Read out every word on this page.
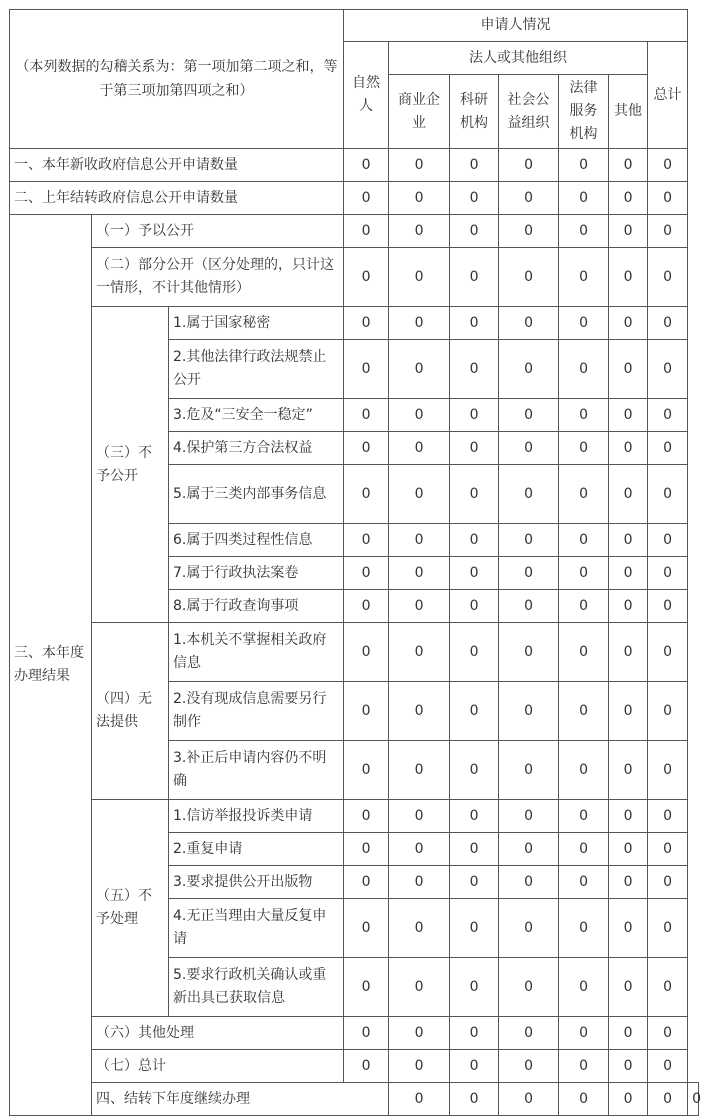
（本列数据的勾稽关系为：第一项加第二项之和，等于第三项加第四项之和）			申请人情况							
			自然人	法人或其他组织					总计	
				商业企业	科研机构	社会公益组织	法律服务机构	其他		
一、本年新收政府信息公开申请数量			0	0	0	0	0	0	0	
二、上年结转政府信息公开申请数量			0	0	0	0	0	0	0	
三、本年度办理结果	（一）予以公开		0	0	0	0	0	0	0	
	（二）部分公开（区分处理的，只计这一情形，不计其他情形）		0	0	0	0	0	0	0	
	（三）不予公开	1.属于国家秘密	0	0	0	0	0	0	0	
		2.其他法律行政法规禁止公开	0	0	0	0	0	0	0	
		3.危及“三安全一稳定”	0	0	0	0	0	0	0	
		4.保护第三方合法权益	0	0	0	0	0	0	0	
		5.属于三类内部事务信息	0	0	0	0	0	0	0	
		6.属于四类过程性信息	0	0	0	0	0	0	0	
		7.属于行政执法案卷	0	0	0	0	0	0	0	
		8.属于行政查询事项	0	0	0	0	0	0	0	
	（四）无法提供	1.本机关不掌握相关政府信息	0	0	0	0	0	0	0	
		2.没有现成信息需要另行制作	0	0	0	0	0	0	0	
		3.补正后申请内容仍不明确	0	0	0	0	0	0	0	
	（五）不予处理	1.信访举报投诉类申请	0	0	0	0	0	0	0	
		2.重复申请	0	0	0	0	0	0	0	
		3.要求提供公开出版物	0	0	0	0	0	0	0	
		4.无正当理由大量反复申请	0	0	0	0	0	0	0	
		5.要求行政机关确认或重新出具已获取信息	0	0	0	0	0	0	0	
	（六）其他处理		0	0	0	0	0	0	0	
	（七）总计		0	0	0	0	0	0	0	
	四、结转下年度继续办理			0	0	0	0	0	0	0
